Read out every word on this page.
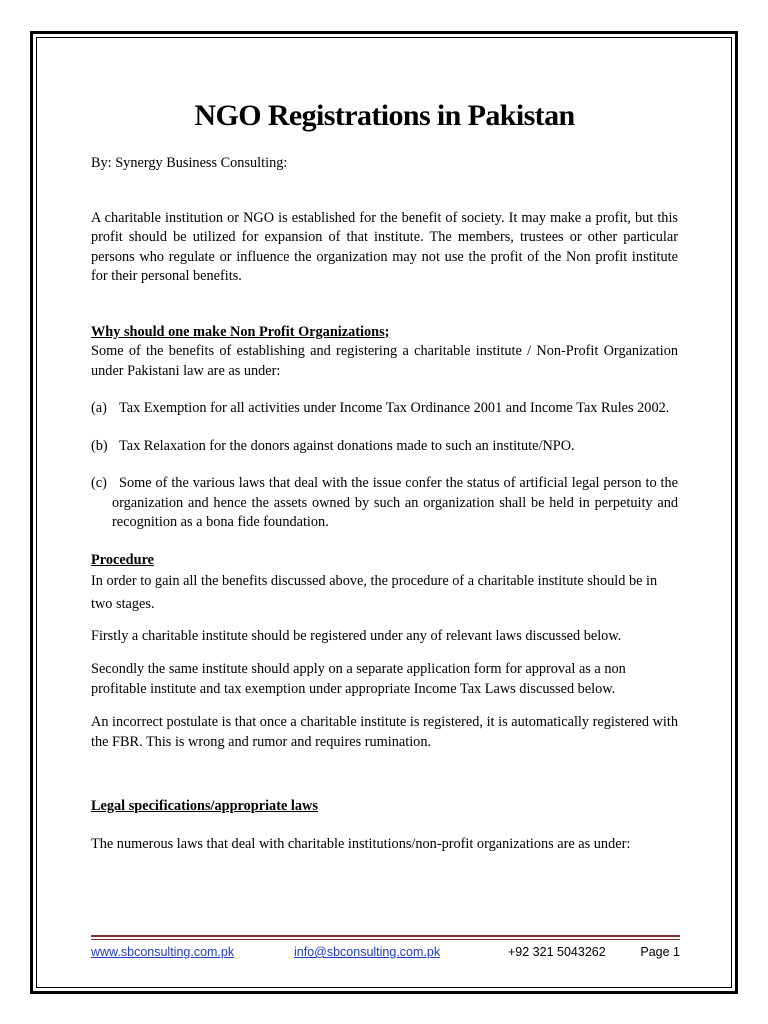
NGO Registrations in Pakistan

By: Synergy Business Consulting:

A charitable institution or NGO is established for the benefit of society. It may make a profit, but this profit should be utilized for expansion of that institute. The members, trustees or other particular persons who regulate or influence the organization may not use the profit of the Non profit institute for their personal benefits.

Why should one make Non Profit Organizations;

Some of the benefits of establishing and registering a charitable institute / Non-Profit Organization under Pakistani law are as under:

(a) Tax Exemption for all activities under Income Tax Ordinance 2001 and Income Tax Rules 2002.

(b) Tax Relaxation for the donors against donations made to such an institute/NPO.

(c) Some of the various laws that deal with the issue confer the status of artificial legal person to the organization and hence the assets owned by such an organization shall be held in perpetuity and recognition as a bona fide foundation.

Procedure

In order to gain all the benefits discussed above, the procedure of a charitable institute should be in two stages.

Firstly a charitable institute should be registered under any of relevant laws discussed below.

Secondly the same institute should apply on a separate application form for approval as a non profitable institute and tax exemption under appropriate Income Tax Laws discussed below.

An incorrect postulate is that once a charitable institute is registered, it is automatically registered with the FBR. This is wrong and rumor and requires rumination.

Legal specifications/appropriate laws

The numerous laws that deal with charitable institutions/non-profit organizations are as under:

www.sbconsulting.com.pk	info@sbconsulting.com.pk	+92 321 5043262	Page 1
